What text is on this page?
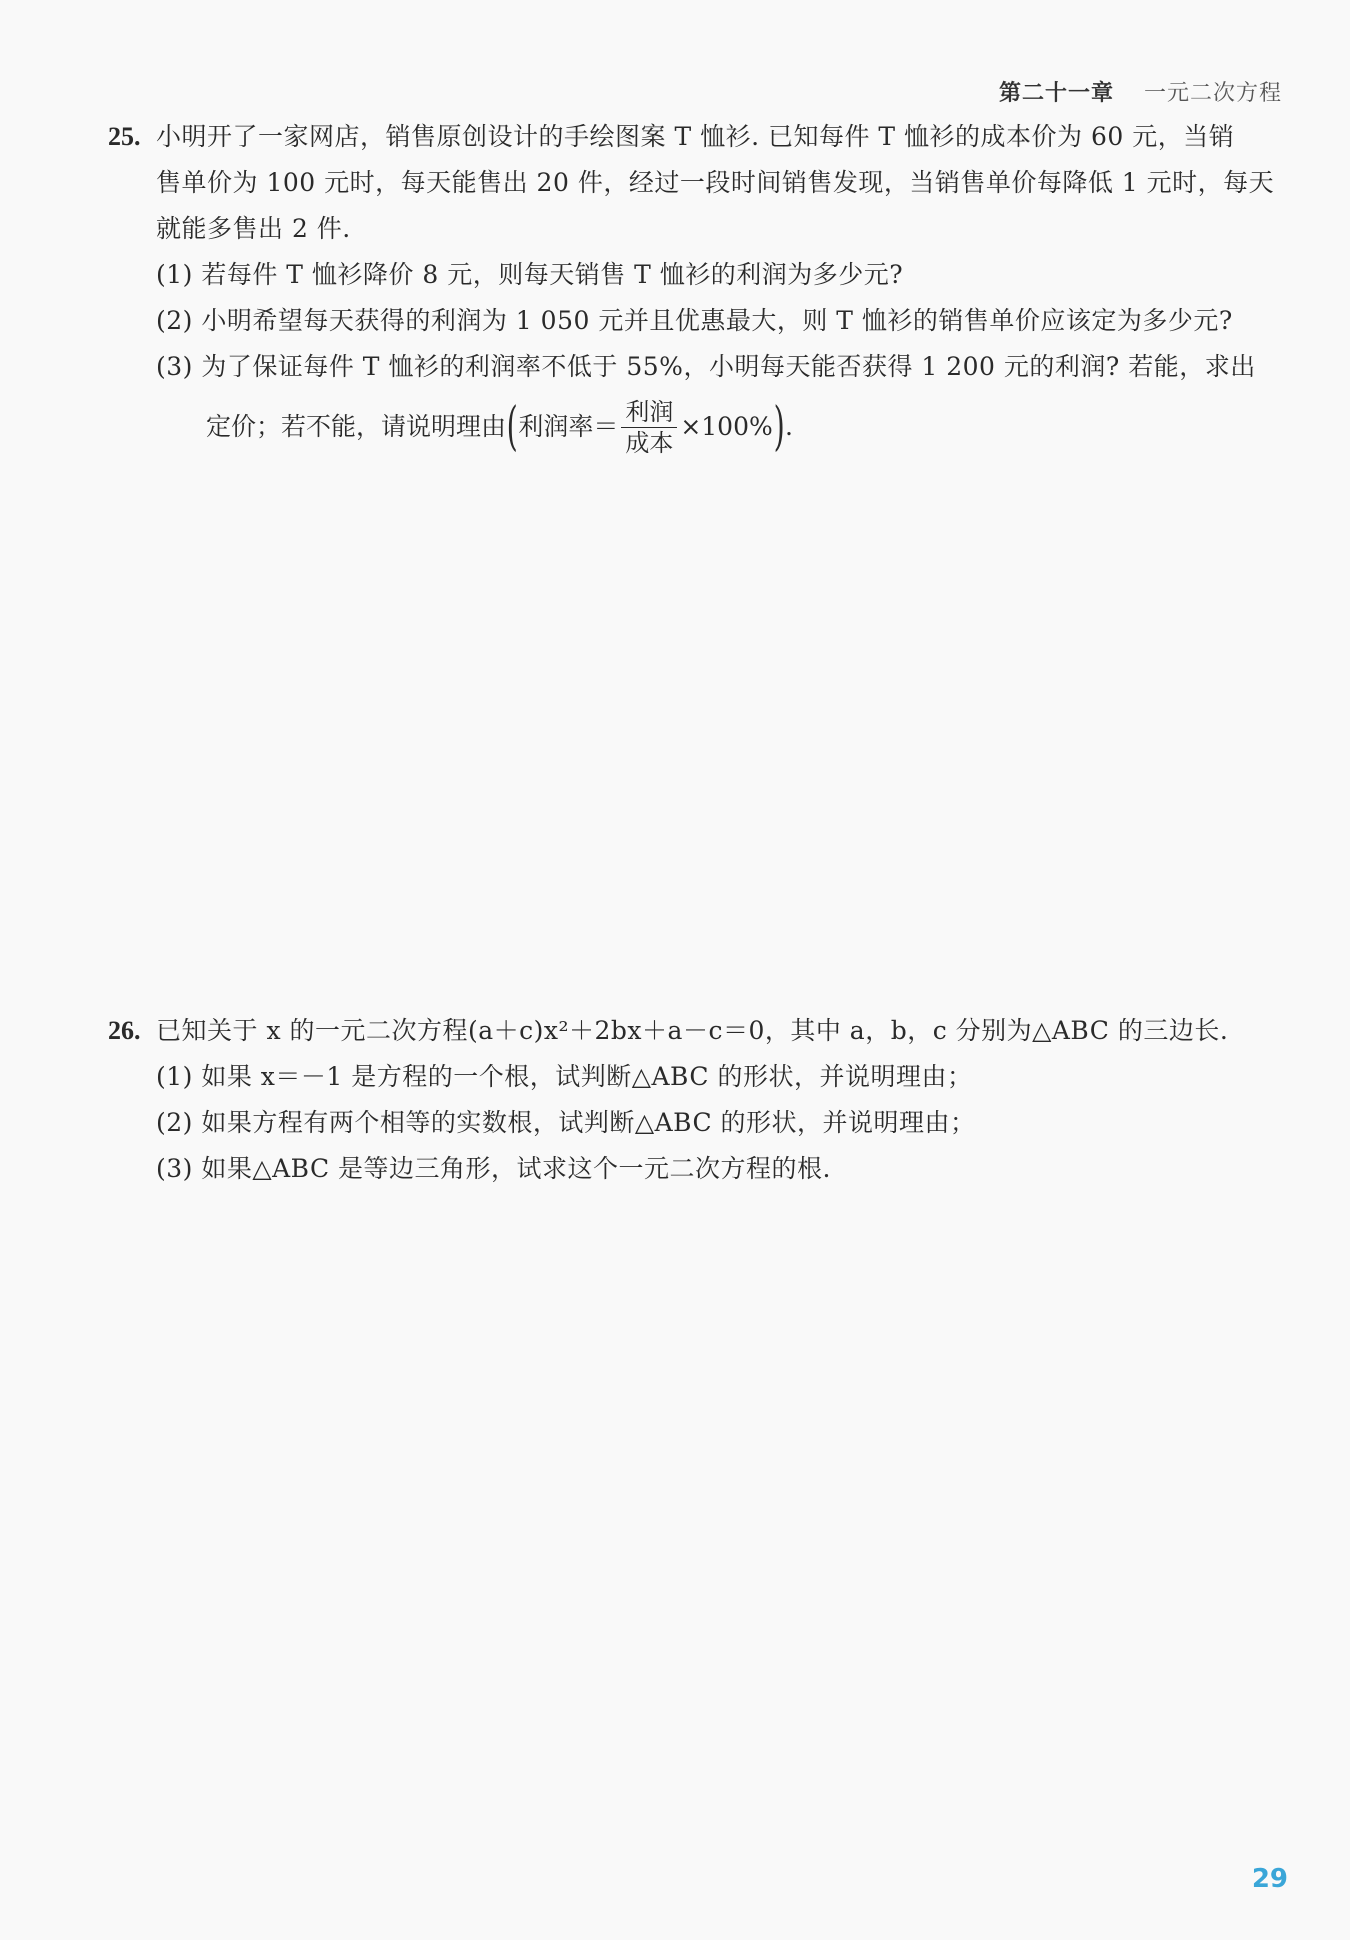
第二十一章 一元二次方程
25. 小明开了一家网店，销售原创设计的手绘图案 T 恤衫. 已知每件 T 恤衫的成本价为 60 元，当销
售单价为 100 元时，每天能售出 20 件，经过一段时间销售发现，当销售单价每降低 1 元时，每天
就能多售出 2 件.
(1) 若每件 T 恤衫降价 8 元，则每天销售 T 恤衫的利润为多少元?
(2) 小明希望每天获得的利润为 1 050 元并且优惠最大，则 T 恤衫的销售单价应该定为多少元?
(3) 为了保证每件 T 恤衫的利润率不低于 55%，小明每天能否获得 1 200 元的利润? 若能，求出
定价；若不能，请说明理由 ( 利润率＝ $\frac{\text{利润}}{\text{成本}} \times 100\%$ ) .
26. 已知关于 x 的一元二次方程(a＋c)x²＋2bx＋a－c＝0，其中 a，b，c 分别为△ABC 的三边长.
(1) 如果 x＝－1 是方程的一个根，试判断△ABC 的形状，并说明理由；
(2) 如果方程有两个相等的实数根，试判断△ABC 的形状，并说明理由；
(3) 如果△ABC 是等边三角形，试求这个一元二次方程的根.
29
